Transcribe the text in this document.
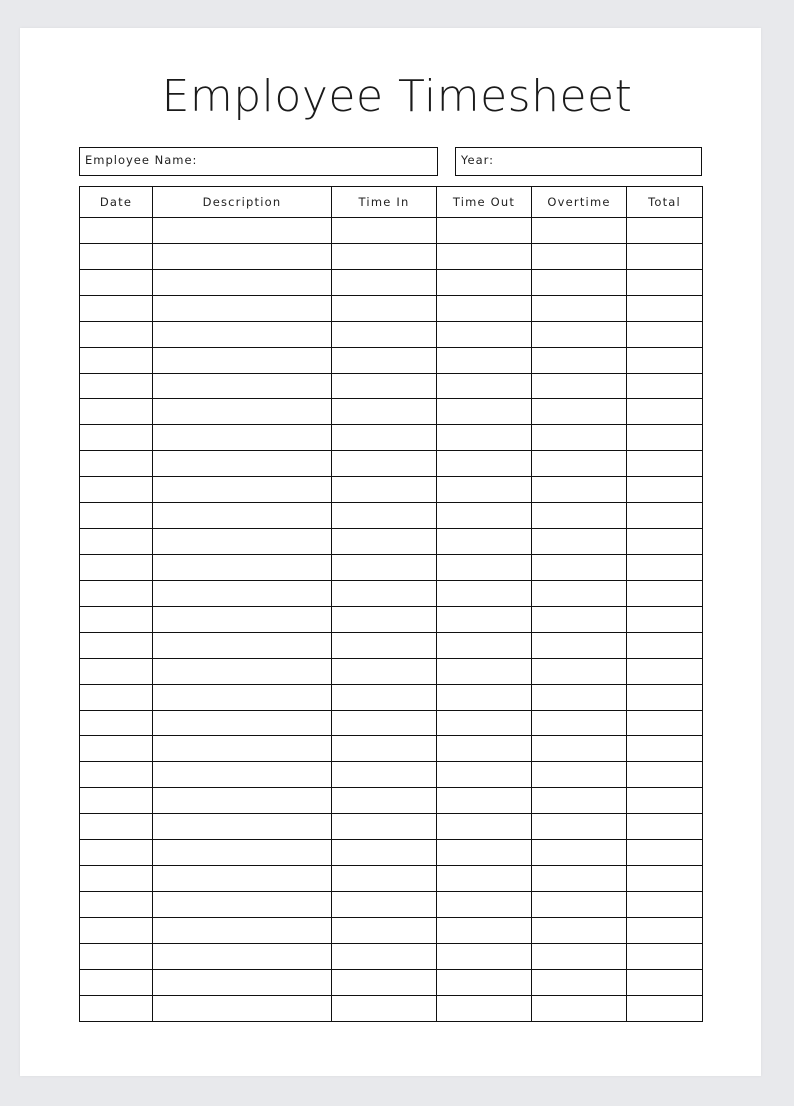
Employee Timesheet
Employee Name:	Year:
Date	Description	Time In	Time Out	Overtime	Total
